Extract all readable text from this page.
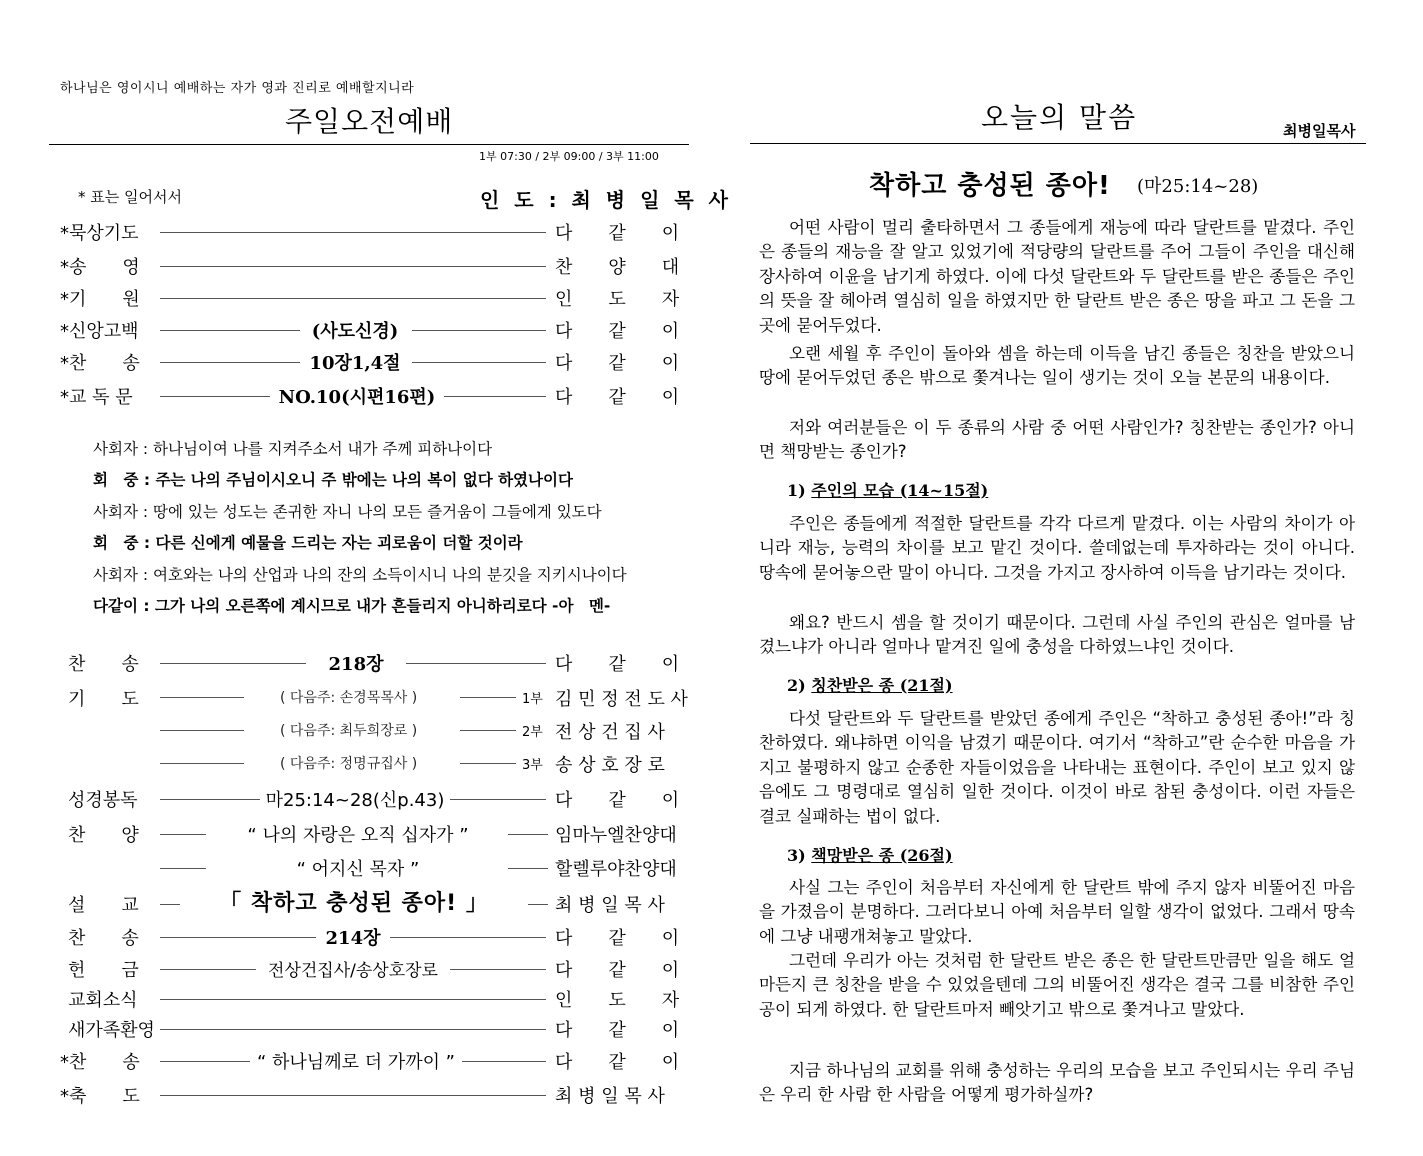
하나님은 영이시니 예배하는 자가 영과 진리로 예배할지니라
주일오전예배
1부 07:30 / 2부 09:00 / 3부 11:00
* 표는 일어서서	인 도 : 최 병 일 목 사
*묵상기도	다　　같　　이
*송　　영	찬　　양　　대
*기　　원	인　　도　　자
*신앙고백	(사도신경)	다　　같　　이
*찬　　송	10장1,4절	다　　같　　이
*교 독 문	NO.10(시편16편)	다　　같　　이
사회자 : 하나님이여 나를 지켜주소서 내가 주께 피하나이다
회　중 : 주는 나의 주님이시오니 주 밖에는 나의 복이 없다 하였나이다
사회자 : 땅에 있는 성도는 존귀한 자니 나의 모든 즐거움이 그들에게 있도다
회　중 : 다른 신에게 예물을 드리는 자는 괴로움이 더할 것이라
사회자 : 여호와는 나의 산업과 나의 잔의 소득이시니 나의 분깃을 지키시나이다
다같이 : 그가 나의 오른쪽에 계시므로 내가 흔들리지 아니하리로다 -아　멘-
찬　　송	218장	다　　같　　이
기　　도	( 다음주: 손경목목사 )	1부 김 민 정 전 도 사
( 다음주: 최두희장로 )	2부 전 상 건 집 사
( 다음주: 정명규집사 )	3부 송 상 호 장 로
성경봉독	마25:14~28(신p.43)	다　　같　　이
찬　　양	“ 나의 자랑은 오직 십자가 ”	임마누엘찬양대
“ 어지신 목자 ”	할렐루야찬양대
설　　교	「 착하고 충성된 종아! 」	최 병 일 목 사
찬　　송	214장	다　　같　　이
헌　　금	전상건집사/송상호장로	다　　같　　이
교회소식	인　　도　　자
새가족환영	다　　같　　이
*찬　　송	“ 하나님께로 더 가까이 ”	다　　같　　이
*축　　도	최 병 일 목 사
오늘의 말씀	최병일목사
착하고 충성된 종아! (마25:14~28)
어떤 사람이 멀리 출타하면서 그 종들에게 재능에 따라 달란트를 맡겼다. 주인은 종들의 재능을 잘 알고 있었기에 적당량의 달란트를 주어 그들이 주인을 대신해 장사하여 이윤을 남기게 하였다. 이에 다섯 달란트와 두 달란트를 받은 종들은 주인의 뜻을 잘 헤아려 열심히 일을 하였지만 한 달란트 받은 종은 땅을 파고 그 돈을 그곳에 묻어두었다.
오랜 세월 후 주인이 돌아와 셈을 하는데 이득을 남긴 종들은 칭찬을 받았으니 땅에 묻어두었던 종은 밖으로 쫓겨나는 일이 생기는 것이 오늘 본문의 내용이다.
저와 여러분들은 이 두 종류의 사람 중 어떤 사람인가? 칭찬받는 종인가? 아니면 책망받는 종인가?
1) 주인의 모습 (14~15절)
주인은 종들에게 적절한 달란트를 각각 다르게 맡겼다. 이는 사람의 차이가 아니라 재능, 능력의 차이를 보고 맡긴 것이다. 쓸데없는데 투자하라는 것이 아니다. 땅속에 묻어놓으란 말이 아니다. 그것을 가지고 장사하여 이득을 남기라는 것이다.
왜요? 반드시 셈을 할 것이기 때문이다. 그런데 사실 주인의 관심은 얼마를 남겼느냐가 아니라 얼마나 맡겨진 일에 충성을 다하였느냐인 것이다.
2) 칭찬받은 종 (21절)
다섯 달란트와 두 달란트를 받았던 종에게 주인은 “착하고 충성된 종아!”라 칭찬하였다. 왜냐하면 이익을 남겼기 때문이다. 여기서 “착하고”란 순수한 마음을 가지고 불평하지 않고 순종한 자들이었음을 나타내는 표현이다. 주인이 보고 있지 않음에도 그 명령대로 열심히 일한 것이다. 이것이 바로 참된 충성이다. 이런 자들은 결코 실패하는 법이 없다.
3) 책망받은 종 (26절)
사실 그는 주인이 처음부터 자신에게 한 달란트 밖에 주지 않자 비뚤어진 마음을 가졌음이 분명하다. 그러다보니 아예 처음부터 일할 생각이 없었다. 그래서 땅속에 그냥 내팽개쳐놓고 말았다.
그런데 우리가 아는 것처럼 한 달란트 받은 종은 한 달란트만큼만 일을 해도 얼마든지 큰 칭찬을 받을 수 있었을텐데 그의 비뚤어진 생각은 결국 그를 비참한 주인공이 되게 하였다. 한 달란트마저 빼앗기고 밖으로 쫓겨나고 말았다.
지금 하나님의 교회를 위해 충성하는 우리의 모습을 보고 주인되시는 우리 주님은 우리 한 사람 한 사람을 어떻게 평가하실까?
